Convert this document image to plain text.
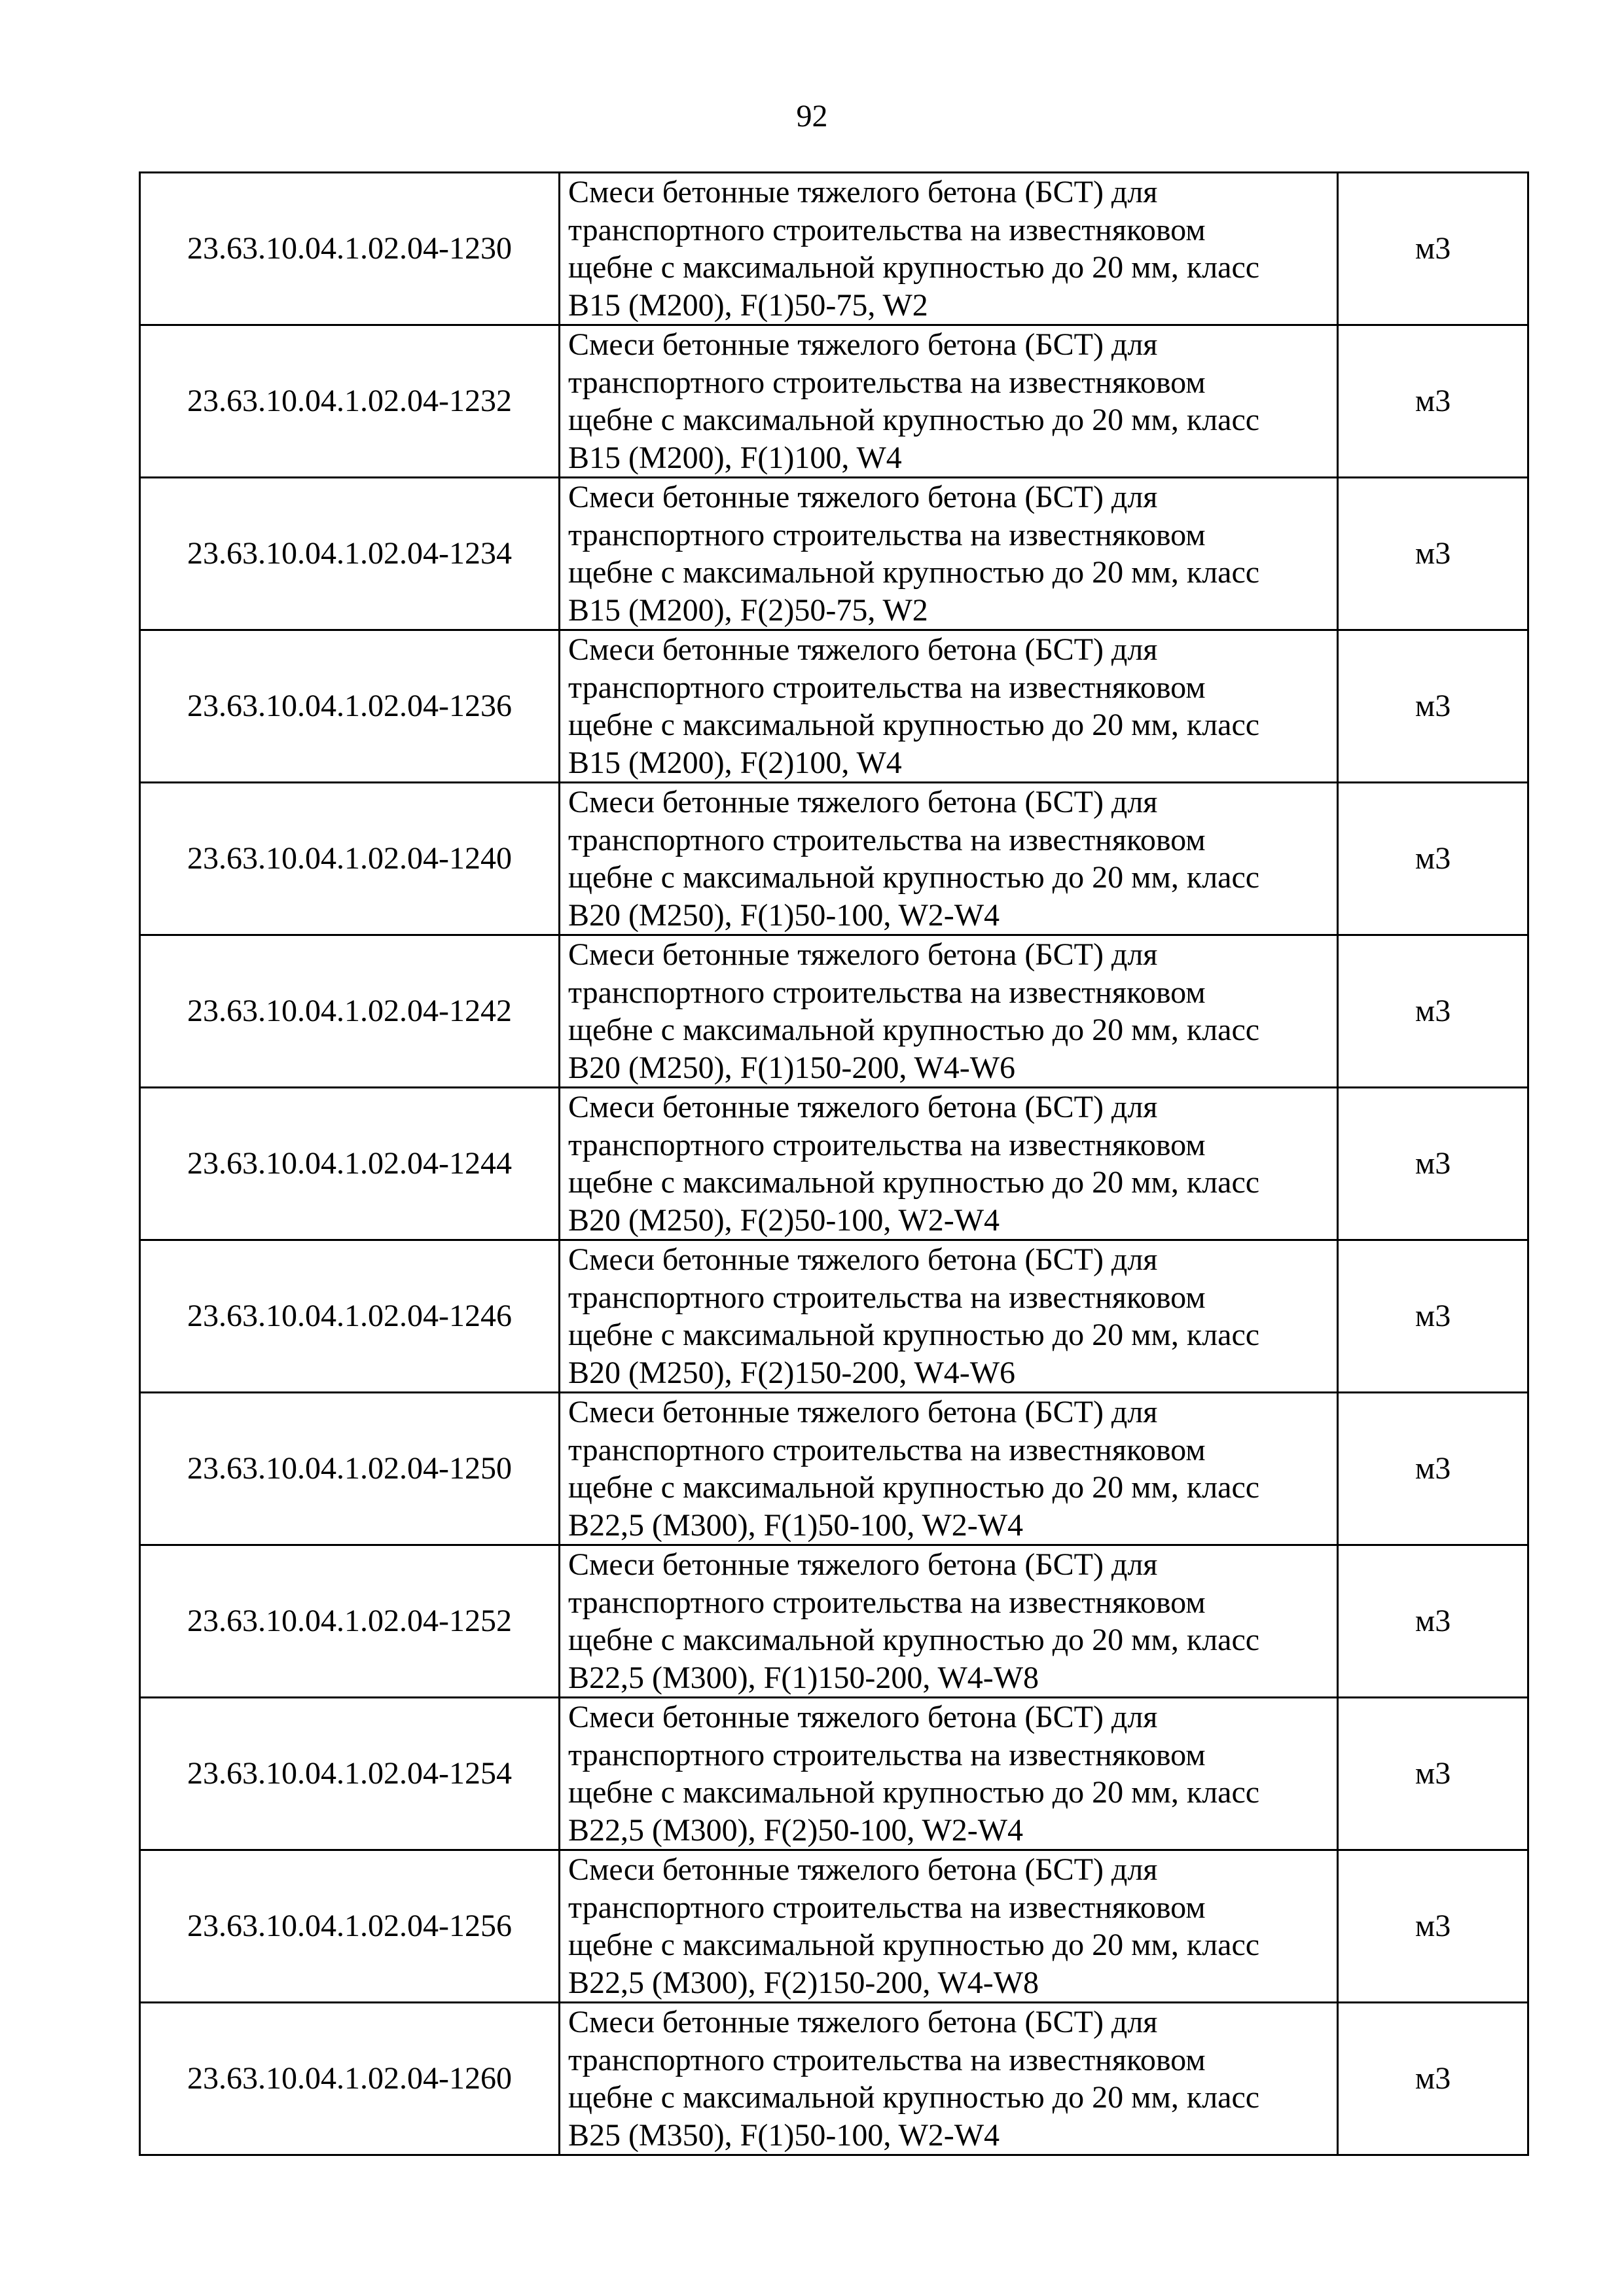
92
23.63.10.04.1.02.04-1230	Смеси бетонные тяжелого бетона (БСТ) для
транспортного строительства на известняковом
щебне с максимальной крупностью до 20 мм, класс
В15 (М200), F(1)50-75, W2	м3
23.63.10.04.1.02.04-1232	Смеси бетонные тяжелого бетона (БСТ) для
транспортного строительства на известняковом
щебне с максимальной крупностью до 20 мм, класс
В15 (М200), F(1)100, W4	м3
23.63.10.04.1.02.04-1234	Смеси бетонные тяжелого бетона (БСТ) для
транспортного строительства на известняковом
щебне с максимальной крупностью до 20 мм, класс
В15 (М200), F(2)50-75, W2	м3
23.63.10.04.1.02.04-1236	Смеси бетонные тяжелого бетона (БСТ) для
транспортного строительства на известняковом
щебне с максимальной крупностью до 20 мм, класс
В15 (М200), F(2)100, W4	м3
23.63.10.04.1.02.04-1240	Смеси бетонные тяжелого бетона (БСТ) для
транспортного строительства на известняковом
щебне с максимальной крупностью до 20 мм, класс
В20 (М250), F(1)50-100, W2-W4	м3
23.63.10.04.1.02.04-1242	Смеси бетонные тяжелого бетона (БСТ) для
транспортного строительства на известняковом
щебне с максимальной крупностью до 20 мм, класс
В20 (М250), F(1)150-200, W4-W6	м3
23.63.10.04.1.02.04-1244	Смеси бетонные тяжелого бетона (БСТ) для
транспортного строительства на известняковом
щебне с максимальной крупностью до 20 мм, класс
В20 (М250), F(2)50-100, W2-W4	м3
23.63.10.04.1.02.04-1246	Смеси бетонные тяжелого бетона (БСТ) для
транспортного строительства на известняковом
щебне с максимальной крупностью до 20 мм, класс
В20 (М250), F(2)150-200, W4-W6	м3
23.63.10.04.1.02.04-1250	Смеси бетонные тяжелого бетона (БСТ) для
транспортного строительства на известняковом
щебне с максимальной крупностью до 20 мм, класс
В22,5 (М300), F(1)50-100, W2-W4	м3
23.63.10.04.1.02.04-1252	Смеси бетонные тяжелого бетона (БСТ) для
транспортного строительства на известняковом
щебне с максимальной крупностью до 20 мм, класс
В22,5 (М300), F(1)150-200, W4-W8	м3
23.63.10.04.1.02.04-1254	Смеси бетонные тяжелого бетона (БСТ) для
транспортного строительства на известняковом
щебне с максимальной крупностью до 20 мм, класс
В22,5 (М300), F(2)50-100, W2-W4	м3
23.63.10.04.1.02.04-1256	Смеси бетонные тяжелого бетона (БСТ) для
транспортного строительства на известняковом
щебне с максимальной крупностью до 20 мм, класс
В22,5 (М300), F(2)150-200, W4-W8	м3
23.63.10.04.1.02.04-1260	Смеси бетонные тяжелого бетона (БСТ) для
транспортного строительства на известняковом
щебне с максимальной крупностью до 20 мм, класс
В25 (М350), F(1)50-100, W2-W4	м3
